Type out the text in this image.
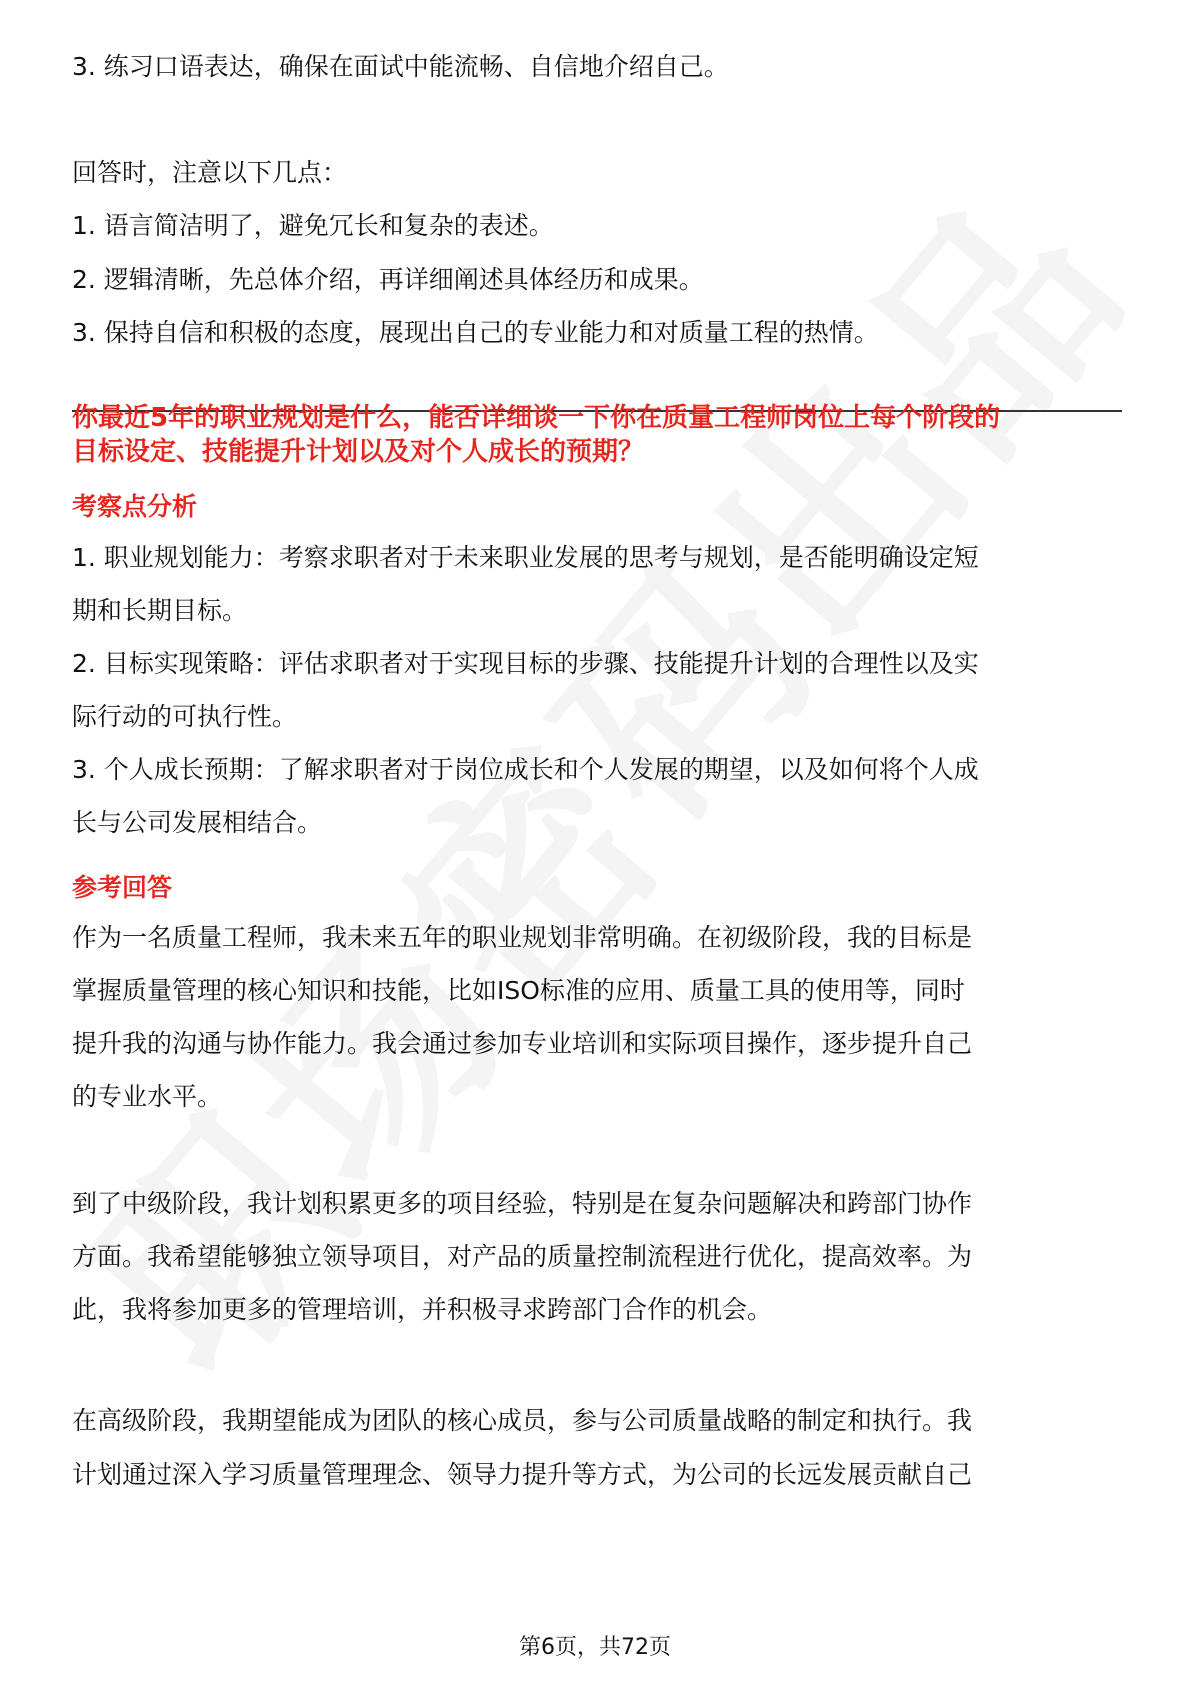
3. 练习口语表达，确保在面试中能流畅、自信地介绍自己。
回答时，注意以下几点：
1. 语言简洁明了，避免冗长和复杂的表述。
2. 逻辑清晰，先总体介绍，再详细阐述具体经历和成果。
3. 保持自信和积极的态度，展现出自己的专业能力和对质量工程的热情。
你最近5年的职业规划是什么，能否详细谈一下你在质量工程师岗位上每个阶段的
目标设定、技能提升计划以及对个人成长的预期？
考察点分析
1. 职业规划能力：考察求职者对于未来职业发展的思考与规划，是否能明确设定短
期和长期目标。
2. 目标实现策略：评估求职者对于实现目标的步骤、技能提升计划的合理性以及实
际行动的可执行性。
3. 个人成长预期：了解求职者对于岗位成长和个人发展的期望，以及如何将个人成
长与公司发展相结合。
参考回答
作为一名质量工程师，我未来五年的职业规划非常明确。在初级阶段，我的目标是
掌握质量管理的核心知识和技能，比如ISO标准的应用、质量工具的使用等，同时
提升我的沟通与协作能力。我会通过参加专业培训和实际项目操作，逐步提升自己
的专业水平。
到了中级阶段，我计划积累更多的项目经验，特别是在复杂问题解决和跨部门协作
方面。我希望能够独立领导项目，对产品的质量控制流程进行优化，提高效率。为
此，我将参加更多的管理培训，并积极寻求跨部门合作的机会。
在高级阶段，我期望能成为团队的核心成员，参与公司质量战略的制定和执行。我
计划通过深入学习质量管理理念、领导力提升等方式，为公司的长远发展贡献自己
第6页，共72页
